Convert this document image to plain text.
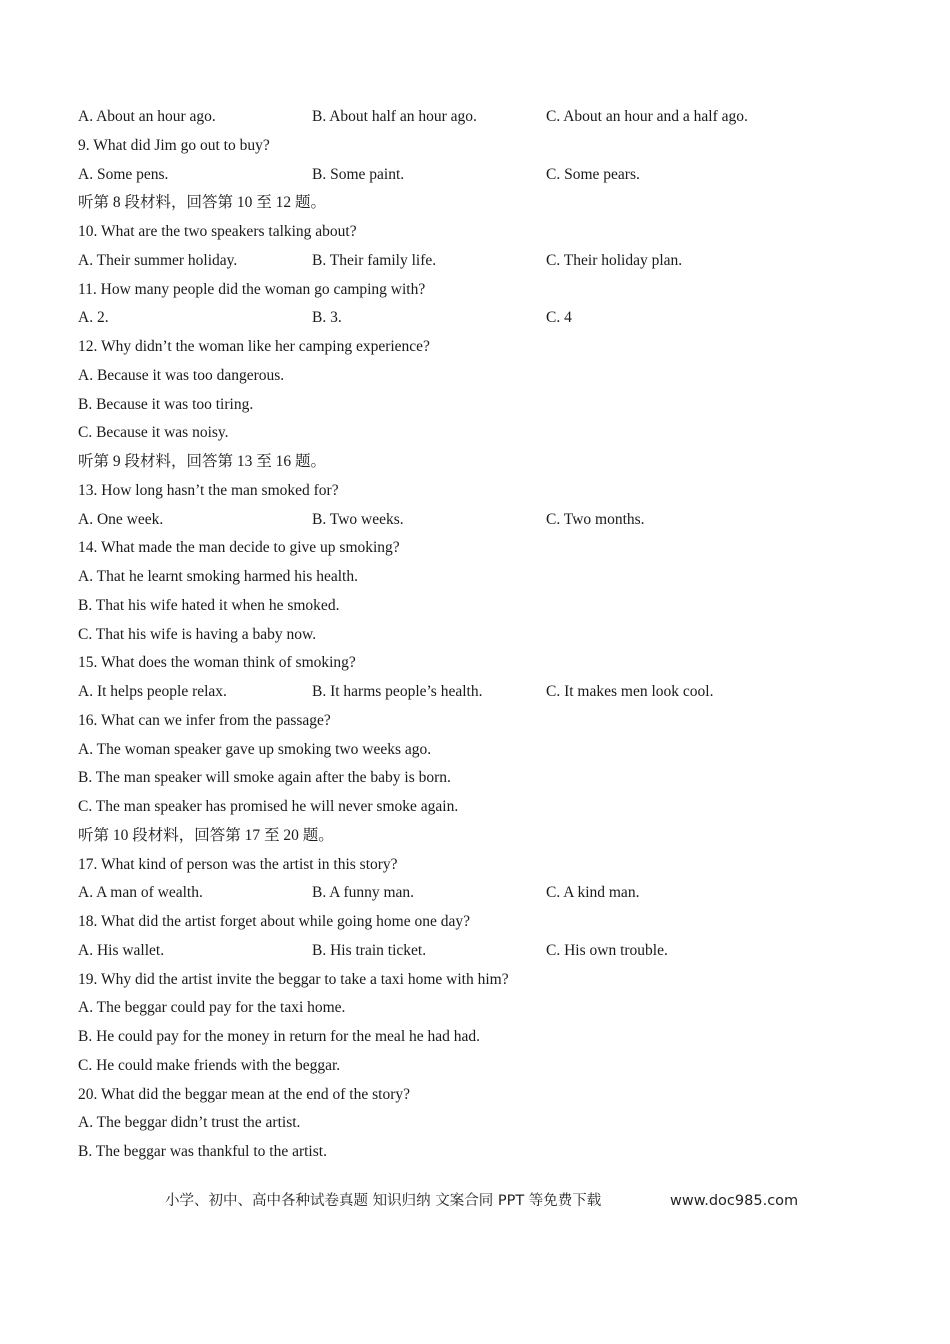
A. About an hour ago.	B. About half an hour ago.	C. About an hour and a half ago.
9. What did Jim go out to buy?
A. Some pens.	B. Some paint.	C. Some pears.
听第 8 段材料，回答第 10 至 12 题。
10. What are the two speakers talking about?
A. Their summer holiday.	B. Their family life.	C. Their holiday plan.
11. How many people did the woman go camping with?
A. 2.	B. 3.	C. 4
12. Why didn’t the woman like her camping experience?
A. Because it was too dangerous.
B. Because it was too tiring.
C. Because it was noisy.
听第 9 段材料，回答第 13 至 16 题。
13. How long hasn’t the man smoked for?
A. One week.	B. Two weeks.	C. Two months.
14. What made the man decide to give up smoking?
A. That he learnt smoking harmed his health.
B. That his wife hated it when he smoked.
C. That his wife is having a baby now.
15. What does the woman think of smoking?
A. It helps people relax.	B. It harms people’s health.	C. It makes men look cool.
16. What can we infer from the passage?
A. The woman speaker gave up smoking two weeks ago.
B. The man speaker will smoke again after the baby is born.
C. The man speaker has promised he will never smoke again.
听第 10 段材料，回答第 17 至 20 题。
17. What kind of person was the artist in this story?
A. A man of wealth.	B. A funny man.	C. A kind man.
18. What did the artist forget about while going home one day?
A. His wallet.	B. His train ticket.	C. His own trouble.
19. Why did the artist invite the beggar to take a taxi home with him?
A. The beggar could pay for the taxi home.
B. He could pay for the money in return for the meal he had had.
C. He could make friends with the beggar.
20. What did the beggar mean at the end of the story?
A. The beggar didn’t trust the artist.
B. The beggar was thankful to the artist.
小学、初中、高中各种试卷真题 知识归纳 文案合同 PPT 等免费下载	www.doc985.com
